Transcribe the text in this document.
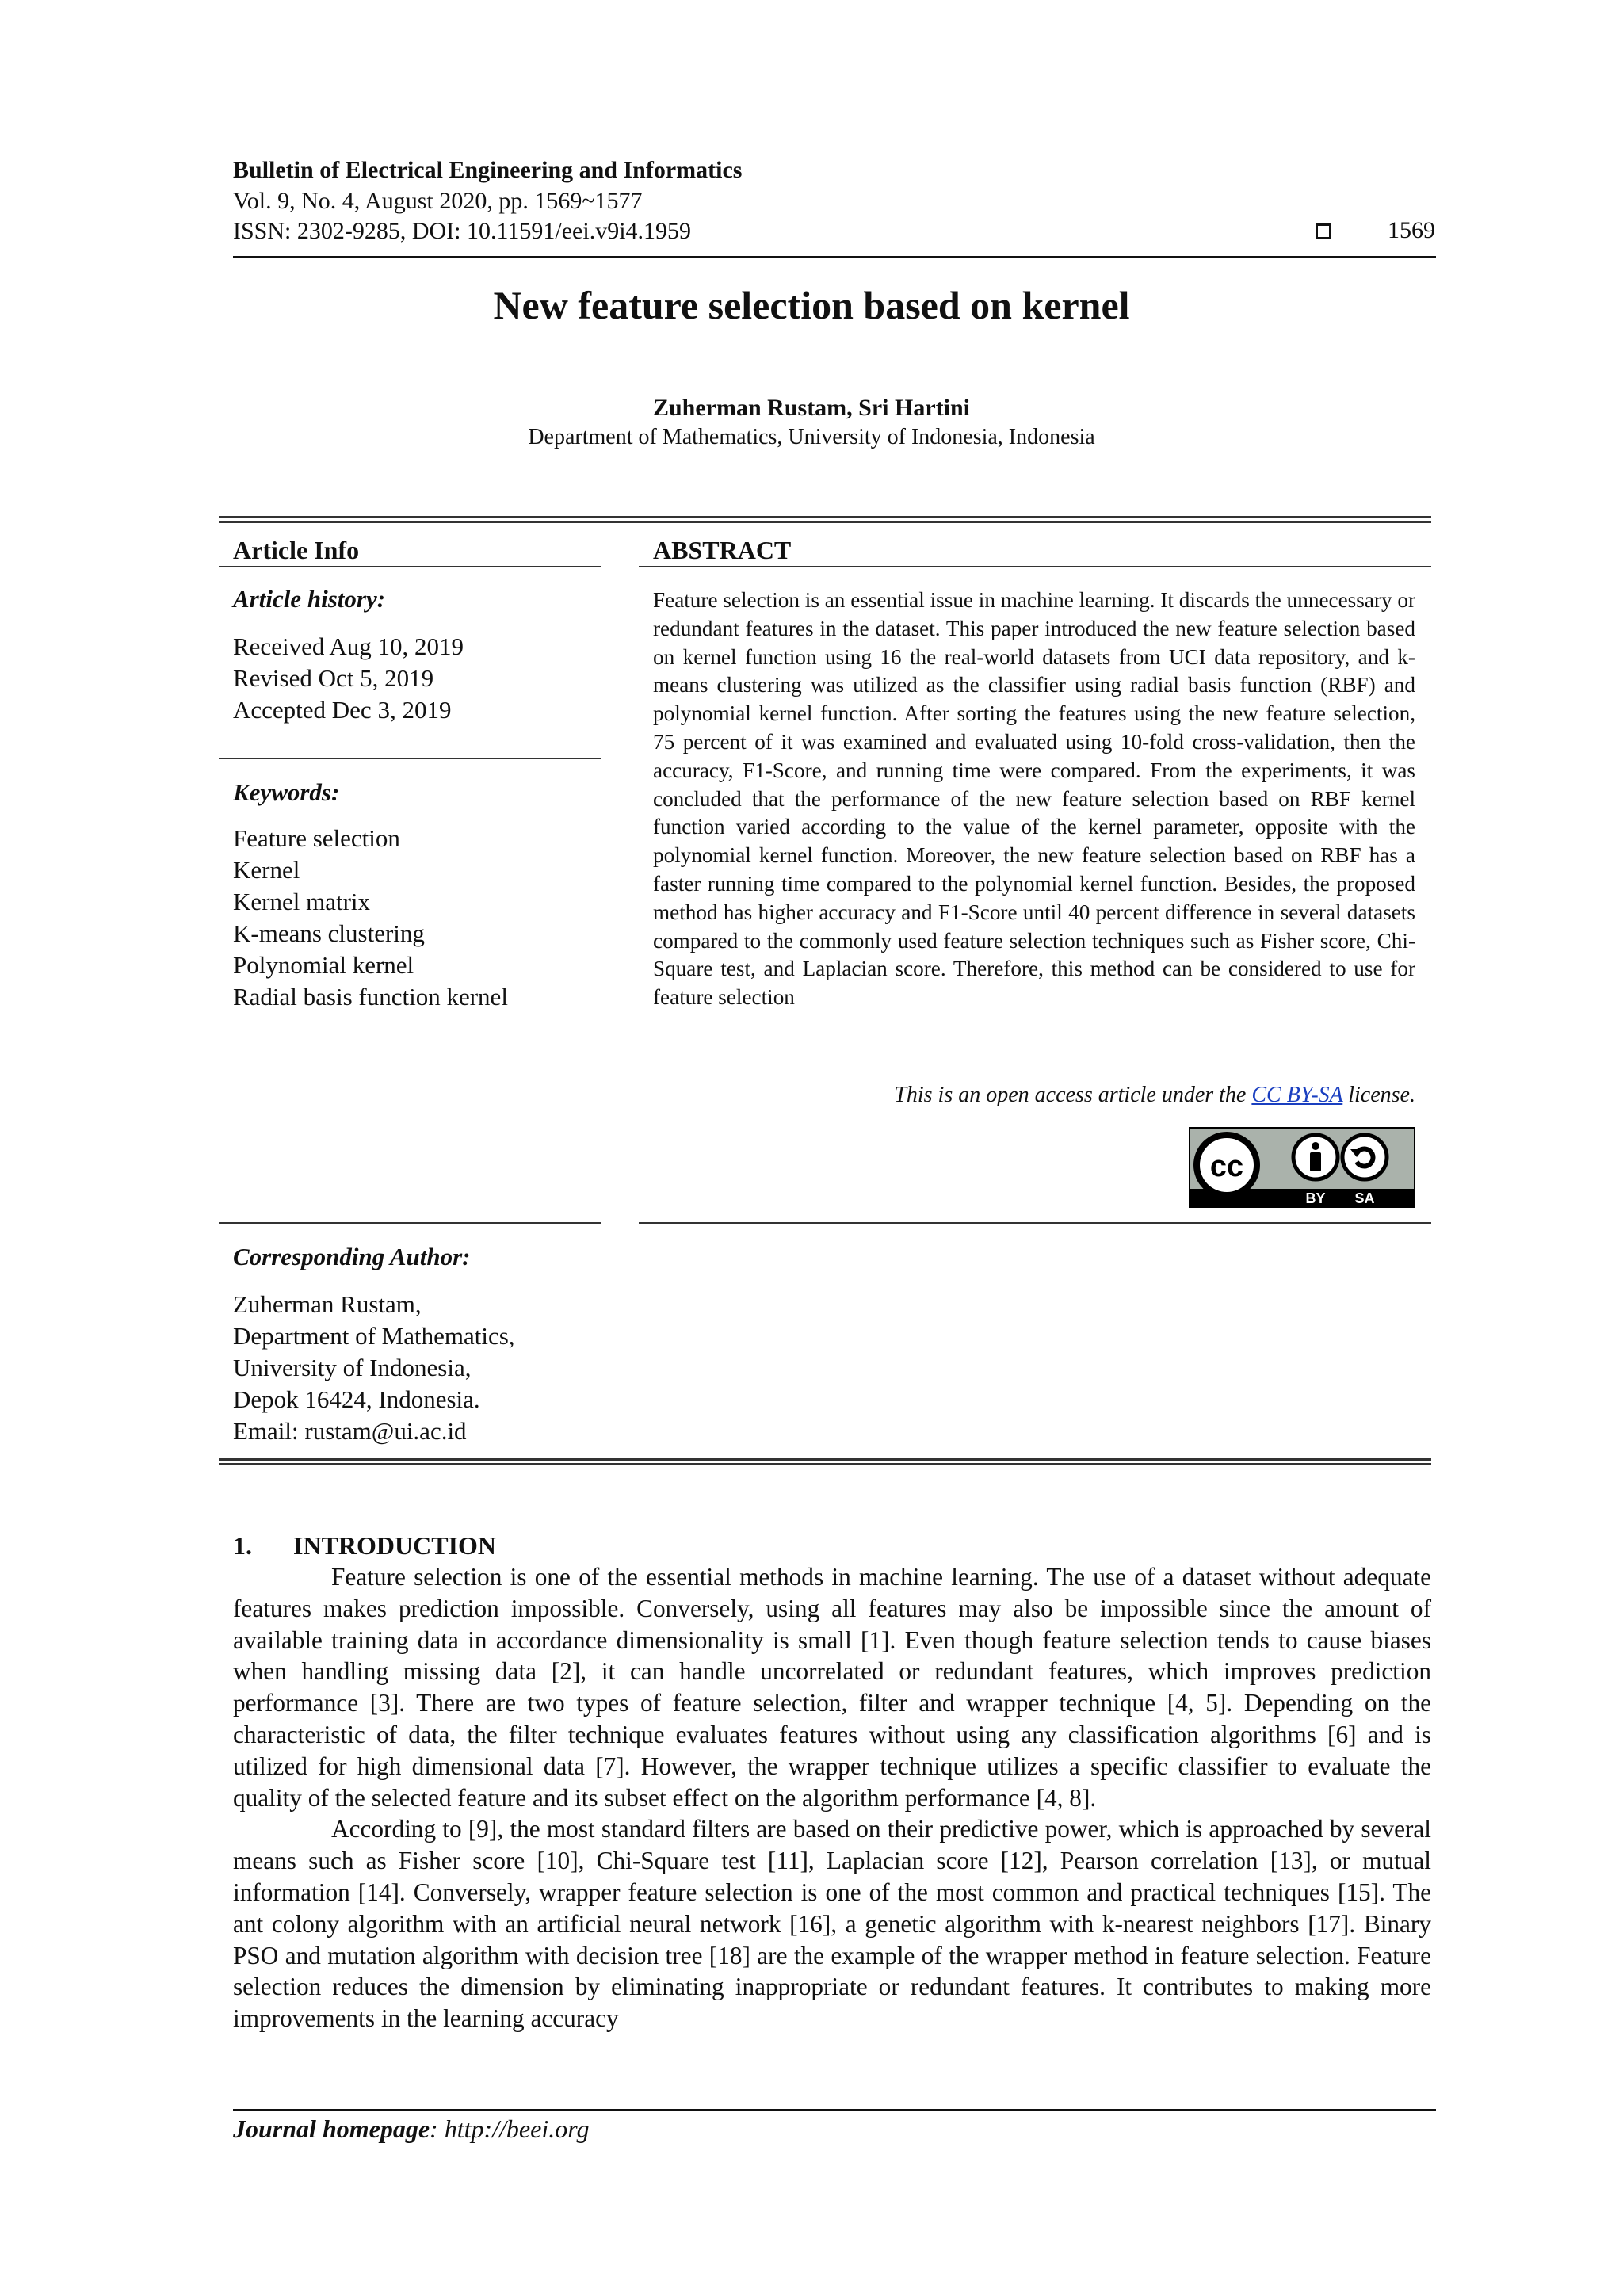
Bulletin of Electrical Engineering and Informatics
Vol. 9, No. 4, August 2020, pp. 1569~1577
ISSN: 2302-9285, DOI: 10.11591/eei.v9i4.1959	1569
New feature selection based on kernel
Zuherman Rustam, Sri Hartini
Department of Mathematics, University of Indonesia, Indonesia
Article Info
Article history:
Received Aug 10, 2019
Revised Oct 5, 2019
Accepted Dec 3, 2019
Keywords:
Feature selection
Kernel
Kernel matrix
K-means clustering
Polynomial kernel
Radial basis function kernel
Corresponding Author:
Zuherman Rustam,
Department of Mathematics,
University of Indonesia,
Depok 16424, Indonesia.
Email: rustam@ui.ac.id
ABSTRACT
Feature selection is an essential issue in machine learning. It discards the unnecessary or redundant features in the dataset. This paper introduced the new feature selection based on kernel function using 16 the real-world datasets from UCI data repository, and k-means clustering was utilized as the classifier using radial basis function (RBF) and polynomial kernel function. After sorting the features using the new feature selection, 75 percent of it was examined and evaluated using 10-fold cross-validation, then the accuracy, F1-Score, and running time were compared. From the experiments, it was concluded that the performance of the new feature selection based on RBF kernel function varied according to the value of the kernel parameter, opposite with the polynomial kernel function. Moreover, the new feature selection based on RBF has a faster running time compared to the polynomial kernel function. Besides, the proposed method has higher accuracy and F1-Score until 40 percent difference in several datasets compared to the commonly used feature selection techniques such as Fisher score, Chi-Square test, and Laplacian score. Therefore, this method can be considered to use for feature selection
This is an open access article under the CC BY-SA license.
cc
BY SA
1. INTRODUCTION

Feature selection is one of the essential methods in machine learning. The use of a dataset without adequate features makes prediction impossible. Conversely, using all features may also be impossible since the amount of available training data in accordance dimensionality is small [1]. Even though feature selection tends to cause biases when handling missing data [2], it can handle uncorrelated or redundant features, which improves prediction performance [3]. There are two types of feature selection, filter and wrapper technique [4, 5]. Depending on the characteristic of data, the filter technique evaluates features without using any classification algorithms [6] and is utilized for high dimensional data [7]. However, the wrapper technique utilizes a specific classifier to evaluate the quality of the selected feature and its subset effect on the algorithm performance [4, 8].

According to [9], the most standard filters are based on their predictive power, which is approached by several means such as Fisher score [10], Chi-Square test [11], Laplacian score [12], Pearson correlation [13], or mutual information [14]. Conversely, wrapper feature selection is one of the most common and practical techniques [15]. The ant colony algorithm with an artificial neural network [16], a genetic algorithm with k-nearest neighbors [17]. Binary PSO and mutation algorithm with decision tree [18] are the example of the wrapper method in feature selection. Feature selection reduces the dimension by eliminating inappropriate or redundant features. It contributes to making more improvements in the learning accuracy

Journal homepage: http://beei.org
